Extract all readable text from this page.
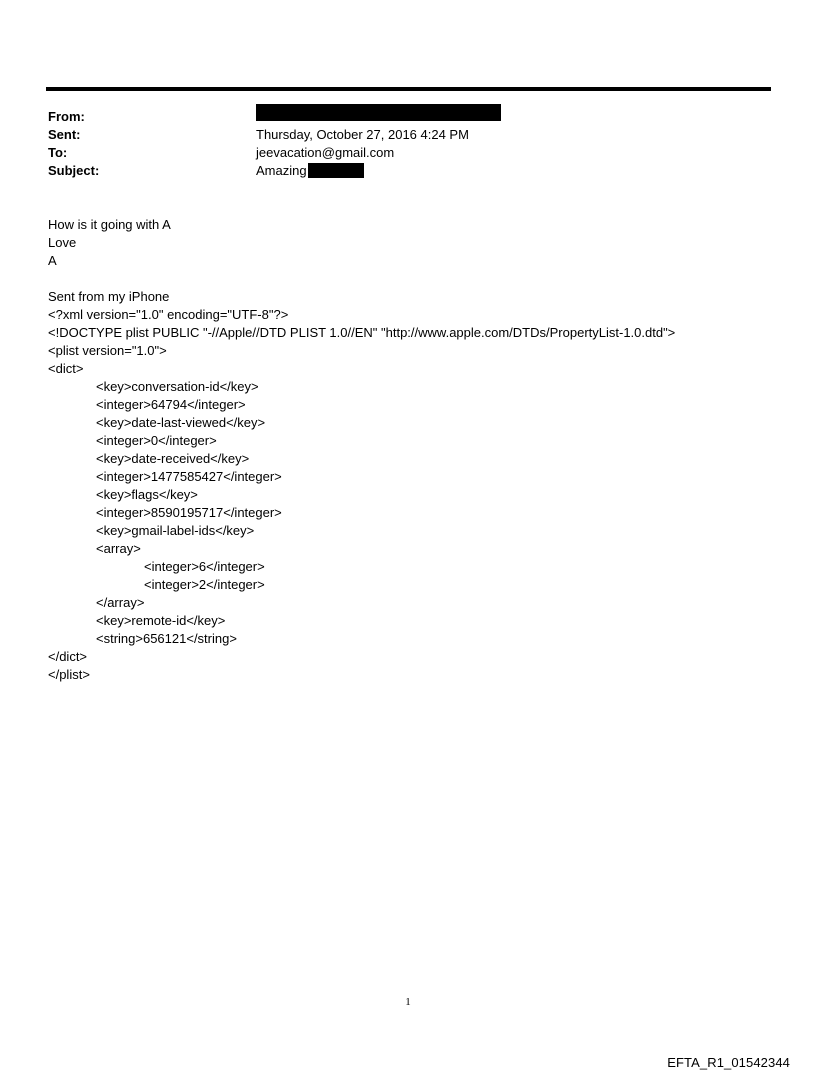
From:
Sent:	Thursday, October 27, 2016 4:24 PM
To:	jeevacation@gmail.com
Subject:	Amazing
How is it going with A
Love
A
Sent from my iPhone
<?xml version="1.0" encoding="UTF-8"?>
<!DOCTYPE plist PUBLIC "-//Apple//DTD PLIST 1.0//EN" "http://www.apple.com/DTDs/PropertyList-1.0.dtd">
<plist version="1.0">
<dict>
<key>conversation-id</key>
<integer>64794</integer>
<key>date-last-viewed</key>
<integer>0</integer>
<key>date-received</key>
<integer>1477585427</integer>
<key>flags</key>
<integer>8590195717</integer>
<key>gmail-label-ids</key>
<array>
<integer>6</integer>
<integer>2</integer>
</array>
<key>remote-id</key>
<string>656121</string>
</dict>
</plist>
1
EFTA_R1_01542344
